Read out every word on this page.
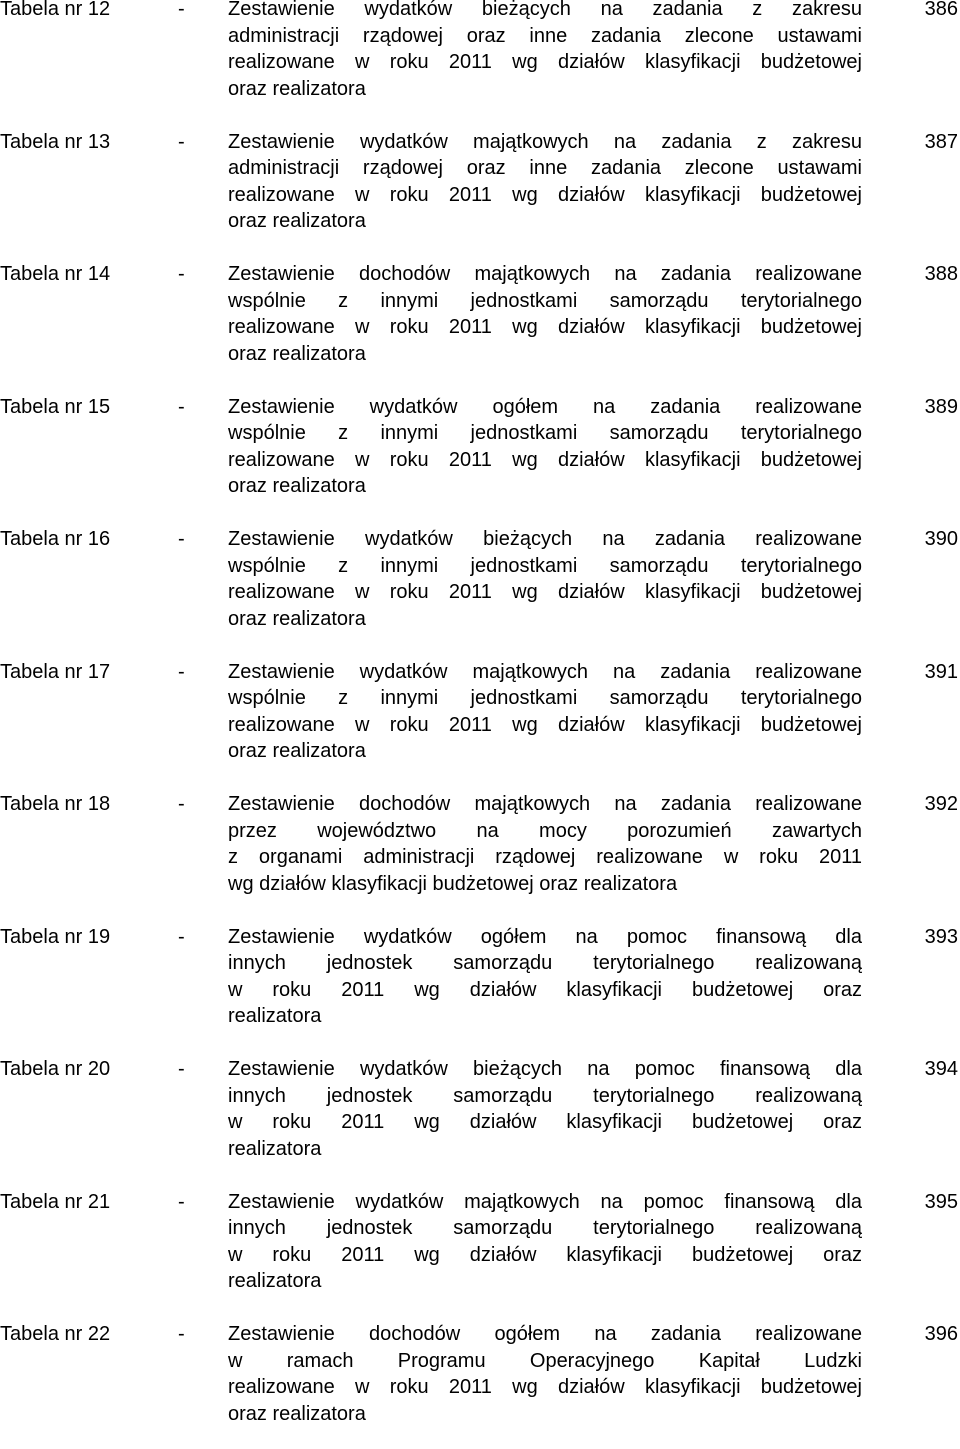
Tabela nr 12	- Zestawienie wydatków bieżących na zadania z zakresu
administracji rządowej oraz inne zadania zlecone ustawami
realizowane w roku 2011 wg działów klasyfikacji budżetowej
oraz realizatora
386
Tabela nr 13	- Zestawienie wydatków majątkowych na zadania z zakresu
administracji rządowej oraz inne zadania zlecone ustawami
realizowane w roku 2011 wg działów klasyfikacji budżetowej
oraz realizatora
387
Tabela nr 14	- Zestawienie dochodów majątkowych na zadania realizowane
wspólnie z innymi jednostkami samorządu terytorialnego
realizowane w roku 2011 wg działów klasyfikacji budżetowej
oraz realizatora
388
Tabela nr 15	- Zestawienie wydatków ogółem na zadania realizowane
wspólnie z innymi jednostkami samorządu terytorialnego
realizowane w roku 2011 wg działów klasyfikacji budżetowej
oraz realizatora
389
Tabela nr 16	- Zestawienie wydatków bieżących na zadania realizowane
wspólnie z innymi jednostkami samorządu terytorialnego
realizowane w roku 2011 wg działów klasyfikacji budżetowej
oraz realizatora
390
Tabela nr 17	- Zestawienie wydatków majątkowych na zadania realizowane
wspólnie z innymi jednostkami samorządu terytorialnego
realizowane w roku 2011 wg działów klasyfikacji budżetowej
oraz realizatora
391
Tabela nr 18	- Zestawienie dochodów majątkowych na zadania realizowane
przez województwo na mocy porozumień zawartych
z organami administracji rządowej realizowane w roku 2011
wg działów klasyfikacji budżetowej oraz realizatora
392
Tabela nr 19	- Zestawienie wydatków ogółem na pomoc finansową dla
innych jednostek samorządu terytorialnego realizowaną
w roku 2011 wg działów klasyfikacji budżetowej oraz
realizatora
393
Tabela nr 20	- Zestawienie wydatków bieżących na pomoc finansową dla
innych jednostek samorządu terytorialnego realizowaną
w roku 2011 wg działów klasyfikacji budżetowej oraz
realizatora
394
Tabela nr 21	- Zestawienie wydatków majątkowych na pomoc finansową dla
innych jednostek samorządu terytorialnego realizowaną
w roku 2011 wg działów klasyfikacji budżetowej oraz
realizatora
395
Tabela nr 22	- Zestawienie dochodów ogółem na zadania realizowane
w ramach Programu Operacyjnego Kapitał Ludzki
realizowane w roku 2011 wg działów klasyfikacji budżetowej
oraz realizatora
396
